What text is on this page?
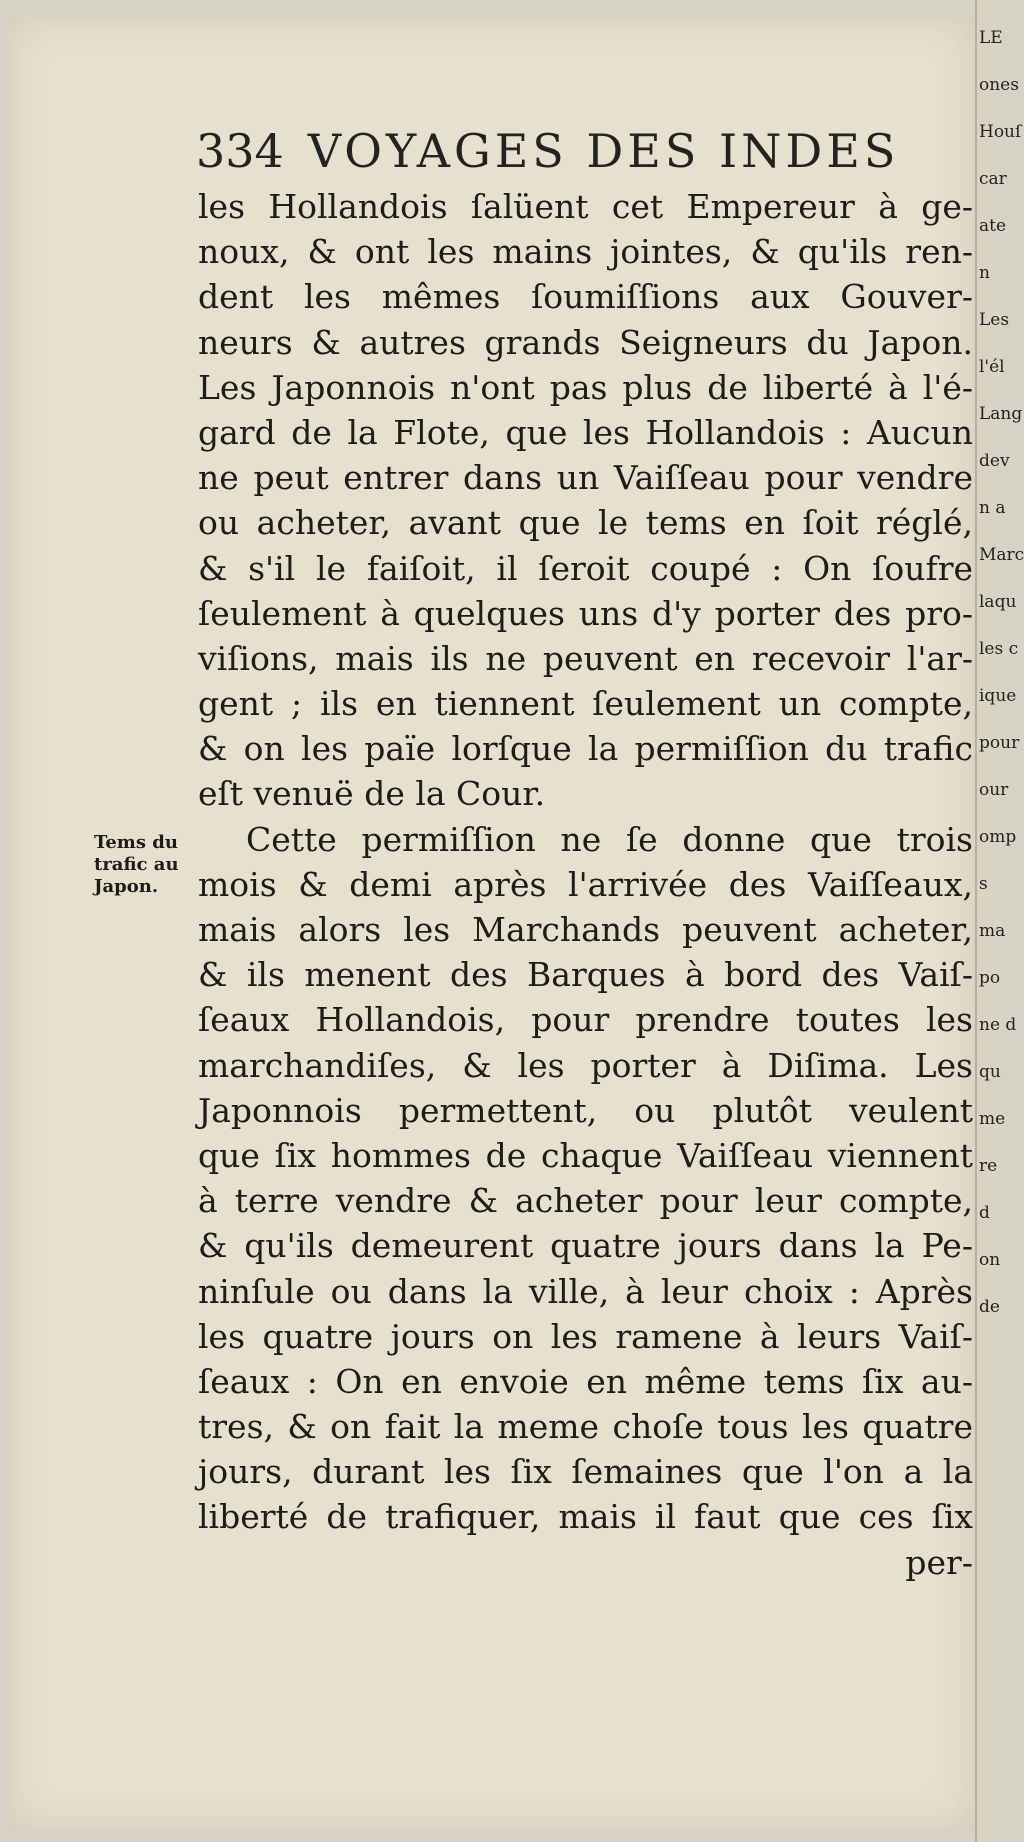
334 VOYAGES DES INDES
Tems du
trafic au
Japon.
les Hollandois ſalüent cet Empereur à ge-
noux, & ont les mains jointes, & qu'ils ren-
dent les mêmes ſoumiſſions aux Gouver-
neurs & autres grands Seigneurs du Japon.
Les Japonnois n'ont pas plus de liberté à l'é-
gard de la Flote, que les Hollandois : Aucun
ne peut entrer dans un Vaiſſeau pour vendre
ou acheter, avant que le tems en ſoit réglé,
& s'il le faiſoit, il ſeroit coupé : On ſoufre
ſeulement à quelques uns d'y porter des pro-
viſions, mais ils ne peuvent en recevoir l'ar-
gent ; ils en tiennent ſeulement un compte,
& on les païe lorſque la permiſſion du trafic
eſt venuë de la Cour.
Cette permiſſion ne ſe donne que trois
mois & demi après l'arrivée des Vaiſſeaux,
mais alors les Marchands peuvent acheter,
& ils menent des Barques à bord des Vaiſ-
ſeaux Hollandois, pour prendre toutes les
marchandiſes, & les porter à Diſima. Les
Japonnois permettent, ou plutôt veulent
que ſix hommes de chaque Vaiſſeau viennent
à terre vendre & acheter pour leur compte,
& qu'ils demeurent quatre jours dans la Pe-
ninſule ou dans la ville, à leur choix : Après
les quatre jours on les ramene à leurs Vaiſ-
ſeaux : On en envoie en même tems ſix au-
tres, & on fait la meme choſe tous les quatre
jours, durant les ſix ſemaines que l'on a la
liberté de trafiquer, mais il faut que ces ſix
per-
LE
ones
Houſ
car
ate
n
Les
l'él
Lang
dev
n a
Marc
laqu
les c
ique
pour
our
omp
s
ma
po
ne d
qu
me
re
d
on
de
